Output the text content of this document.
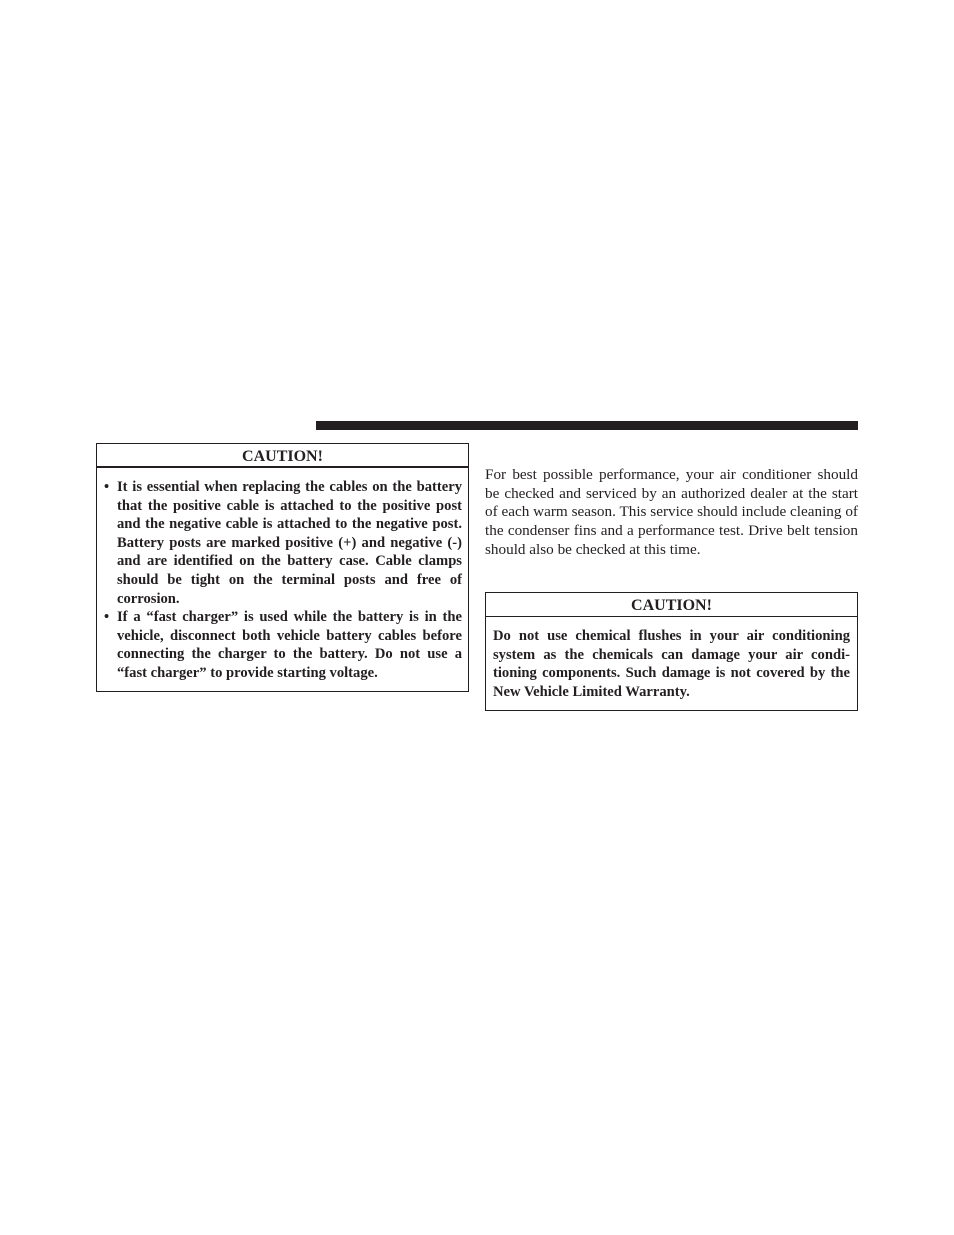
CAUTION!

• It is essential when replacing the cables on the battery that the positive cable is attached to the positive post and the negative cable is attached to the negative post. Battery posts are marked positive (+) and negative (-) and are identified on the battery case. Cable clamps should be tight on the terminal posts and free of corrosion.

• If a “fast charger” is used while the battery is in the vehicle, disconnect both vehicle battery cables before connecting the charger to the battery. Do not use a “fast charger” to provide starting voltage.

For best possible performance, your air conditioner should be checked and serviced by an authorized dealer at the start of each warm season. This service should include cleaning of the condenser fins and a performance test. Drive belt tension should also be checked at this time.

CAUTION!
Do not use chemical flushes in your air conditioning system as the chemicals can damage your air conditioning components. Such damage is not covered by the New Vehicle Limited Warranty.
